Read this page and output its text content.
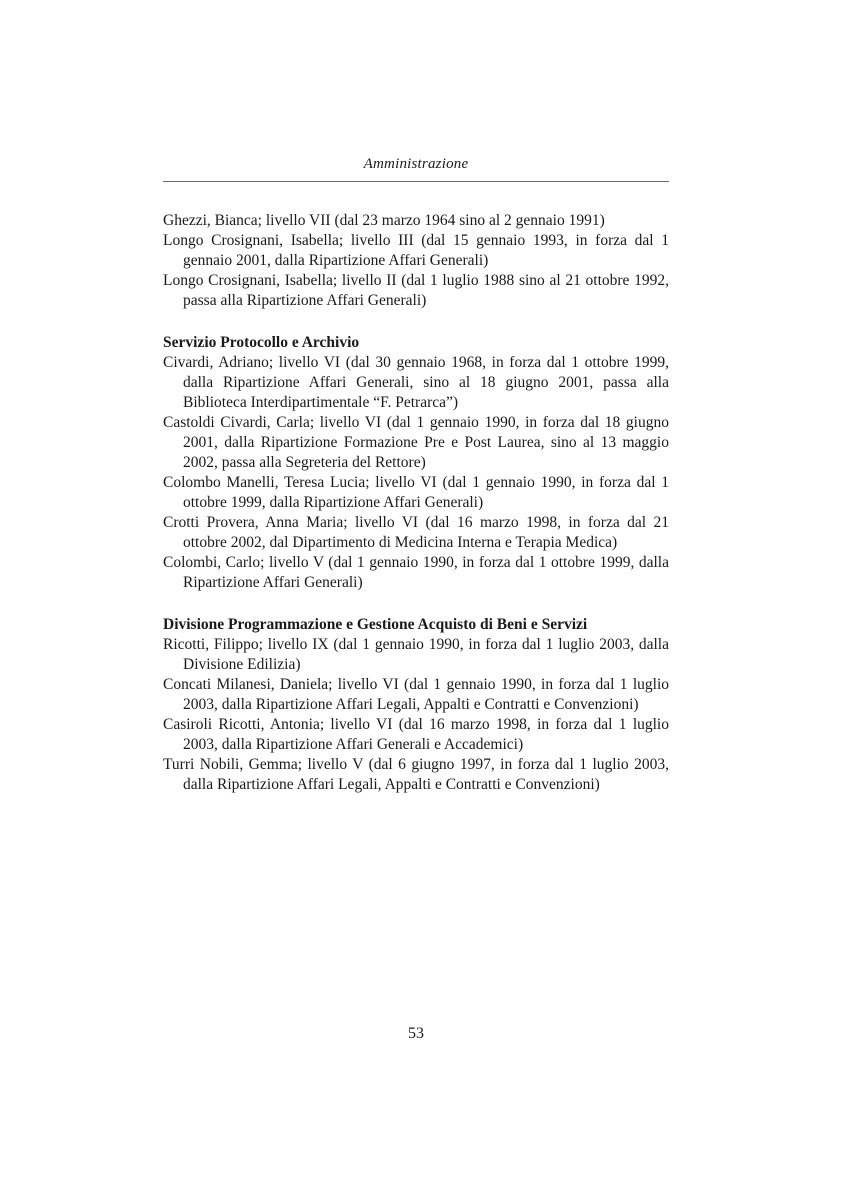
Amministrazione

Ghezzi, Bianca; livello VII (dal 23 marzo 1964 sino al 2 gennaio 1991)

Longo Crosignani, Isabella; livello III (dal 15 gennaio 1993, in forza dal 1 gennaio 2001, dalla Ripartizione Affari Generali)

Longo Crosignani, Isabella; livello II (dal 1 luglio 1988 sino al 21 ottobre 1992, passa alla Ripartizione Affari Generali)

Servizio Protocollo e Archivio

Civardi, Adriano; livello VI (dal 30 gennaio 1968, in forza dal 1 ottobre 1999, dalla Ripartizione Affari Generali, sino al 18 giugno 2001, passa alla Biblioteca Interdipartimentale “F. Petrarca”)

Castoldi Civardi, Carla; livello VI (dal 1 gennaio 1990, in forza dal 18 giugno 2001, dalla Ripartizione Formazione Pre e Post Laurea, sino al 13 maggio 2002, passa alla Segreteria del Rettore)

Colombo Manelli, Teresa Lucia; livello VI (dal 1 gennaio 1990, in forza dal 1 ottobre 1999, dalla Ripartizione Affari Generali)

Crotti Provera, Anna Maria; livello VI (dal 16 marzo 1998, in forza dal 21 ottobre 2002, dal Dipartimento di Medicina Interna e Terapia Medica)

Colombi, Carlo; livello V (dal 1 gennaio 1990, in forza dal 1 ottobre 1999, dalla Ripartizione Affari Generali)

Divisione Programmazione e Gestione Acquisto di Beni e Servizi

Ricotti, Filippo; livello IX (dal 1 gennaio 1990, in forza dal 1 luglio 2003, dalla Divisione Edilizia)

Concati Milanesi, Daniela; livello VI (dal 1 gennaio 1990, in forza dal 1 luglio 2003, dalla Ripartizione Affari Legali, Appalti e Contratti e Convenzioni)

Casiroli Ricotti, Antonia; livello VI (dal 16 marzo 1998, in forza dal 1 luglio 2003, dalla Ripartizione Affari Generali e Accademici)

Turri Nobili, Gemma; livello V (dal 6 giugno 1997, in forza dal 1 luglio 2003, dalla Ripartizione Affari Legali, Appalti e Contratti e Convenzioni)

53
